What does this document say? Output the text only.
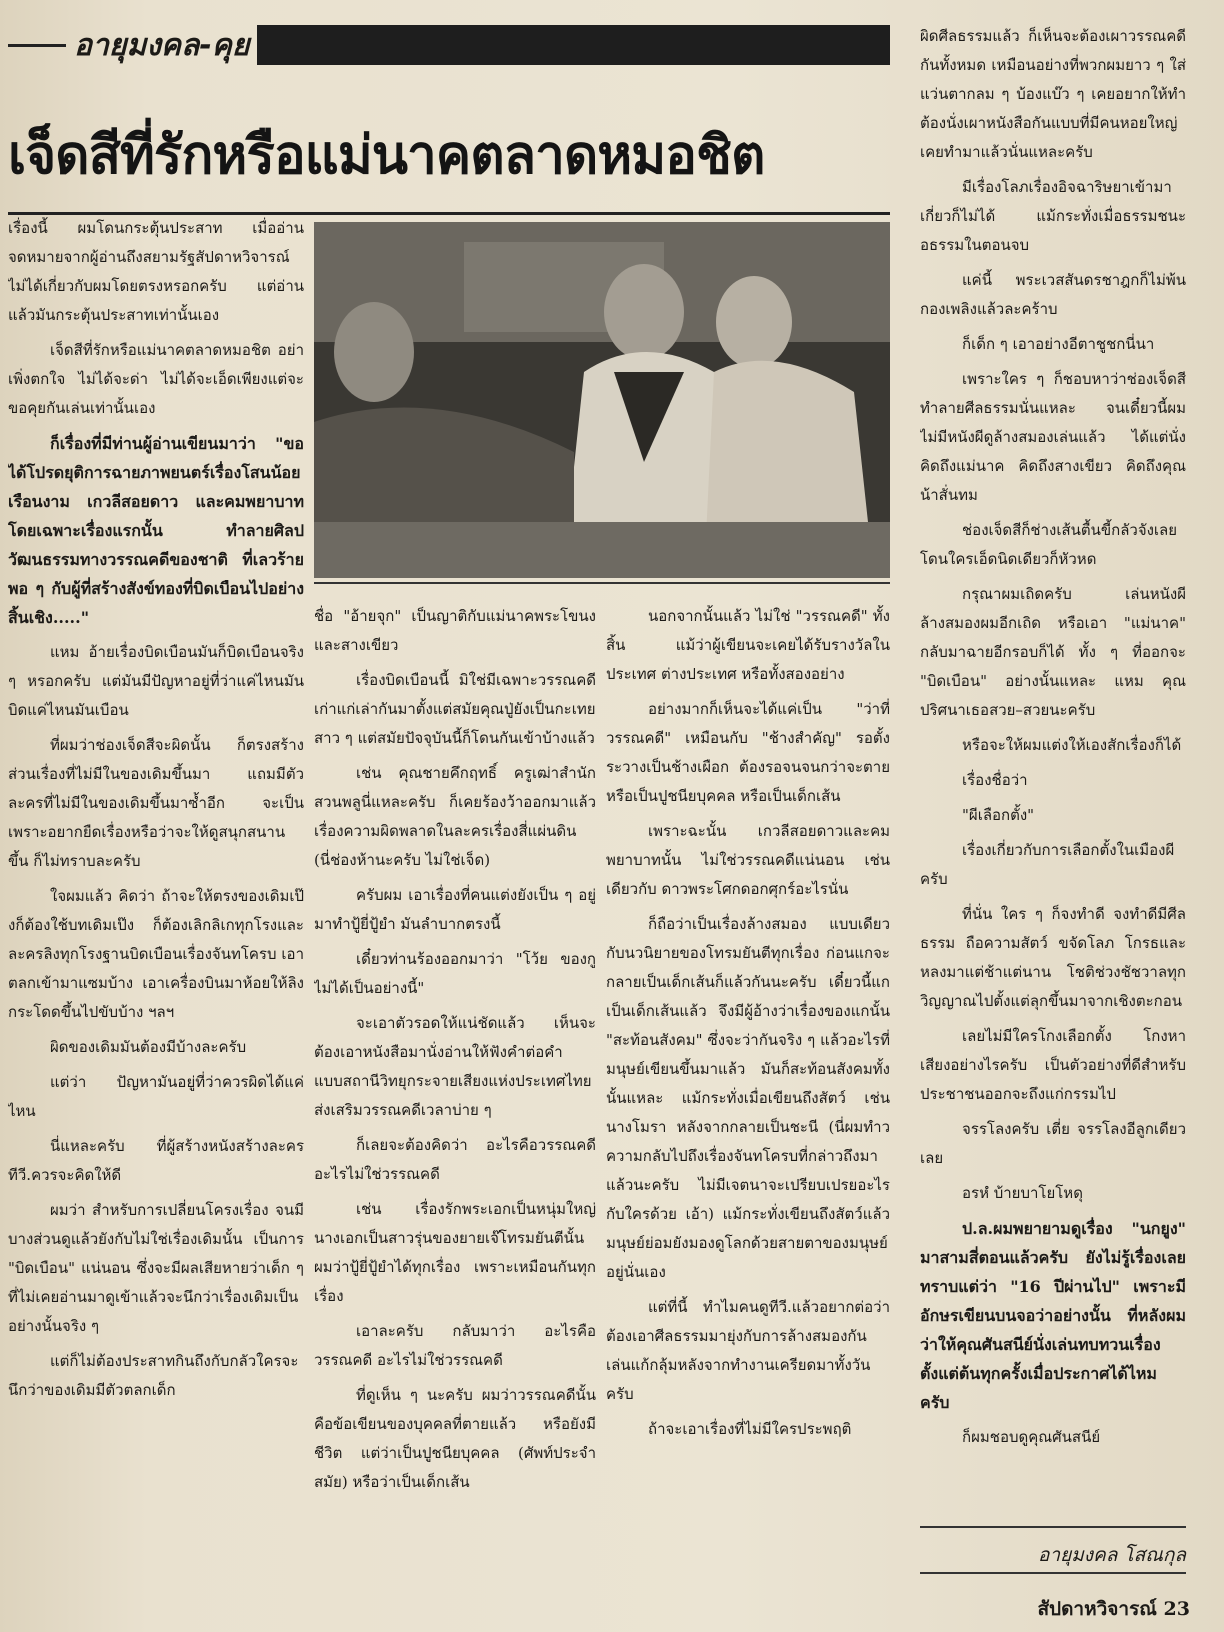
อายุมงคล-คุย
เจ็ดสีที่รักหรือแม่นาคตลาดหมอชิต

เรื่องนี้ ผมโดนกระตุ้นประสาท เมื่ออ่านจดหมายจากผู้อ่านถึงสยามรัฐสัปดาหวิจารณ์ ไม่ได้เกี่ยวกับผมโดยตรงหรอกครับ แต่อ่านแล้วมันกระตุ้นประสาทเท่านั้นเอง

เจ็ดสีที่รักหรือแม่นาคตลาดหมอชิต อย่าเพิ่งตกใจ ไม่ได้จะด่า ไม่ได้จะเอ็ดเพียงแต่จะขอคุยกันเล่นเท่านั้นเอง

ก็เรื่องที่มีท่านผู้อ่านเขียนมาว่า "ขอได้โปรดยุติการฉายภาพยนตร์เรื่องโสนน้อยเรือนงาม เกวลีสอยดาว และคมพยาบาท โดยเฉพาะเรื่องแรกนั้น ทำลายศิลปวัฒนธรรมทางวรรณคดีของชาติ ที่เลวร้ายพอ ๆ กับผู้ที่สร้างสังข์ทองที่บิดเบือนไปอย่างสิ้นเชิง....."

แหม อ้ายเรื่องบิดเบือนมันก็บิดเบือนจริง ๆ หรอกครับ แต่มันมีปัญหาอยู่ที่ว่าแค่ไหนมันบิดแค่ไหนมันเบือน

ที่ผมว่าช่องเจ็ดสีจะผิดนั้น ก็ตรงสร้างส่วนเรื่องที่ไม่มีในของเดิมขึ้นมา แถมมีตัวละครที่ไม่มีในของเดิมขึ้นมาซ้ำอีก จะเป็นเพราะอยากยืดเรื่องหรือว่าจะให้ดูสนุกสนานขึ้น ก็ไม่ทราบละครับ

ใจผมแล้ว คิดว่า ถ้าจะให้ตรงของเดิมเป๊งก็ต้องใช้บทเดิมเป๊ง ก็ต้องเลิกลิเกทุกโรงและละครลิงทุกโรงฐานบิดเบือนเรื่องจันทโครบ เอาตลกเข้ามาแซมบ้าง เอาเครื่องบินมาห้อยให้ลิงกระโดดขึ้นไปขับบ้าง ฯลฯ

ผิดของเดิมมันต้องมีบ้างละครับ

แต่ว่า ปัญหามันอยู่ที่ว่าควรผิดได้แค่ไหน

นี่แหละครับ ที่ผู้สร้างหนังสร้างละครทีวี.ควรจะคิดให้ดี

ผมว่า สำหรับการเปลี่ยนโครงเรื่อง จนมีบางส่วนดูแล้วยังกับไม่ใช่เรื่องเดิมนั้น เป็นการ "บิดเบือน" แน่นอน ซึ่งจะมีผลเสียหายว่าเด็ก ๆ ที่ไม่เคยอ่านมาดูเข้าแล้วจะนึกว่าเรื่องเดิมเป็นอย่างนั้นจริง ๆ

แต่ก็ไม่ต้องประสาทกินถึงกับกลัวใครจะนึกว่าของเดิมมีตัวตลกเด็ก

ชื่อ "อ้ายจุก" เป็นญาติกับแม่นาคพระโขนงและสางเขียว

เรื่องบิดเบือนนี้ มิใช่มีเฉพาะวรรณคดีเก่าแก่เล่ากันมาตั้งแต่สมัยคุณปู่ยังเป็นกะเทยสาว ๆ แต่สมัยปัจจุบันนี้ก็โดนกันเข้าบ้างแล้ว

เช่น คุณชายคึกฤทธิ์ ครูเฒ่าสำนักสวนพลูนี่แหละครับ ก็เคยร้องว้าออกมาแล้ว เรื่องความผิดพลาดในละครเรื่องสี่แผ่นดิน (นี่ช่องห้านะครับ ไม่ใช่เจ็ด)

ครับผม เอาเรื่องที่คนแต่งยังเป็น ๆ อยู่ มาทำปู้ยี่ปู้ยำ มันลำบากตรงนี้

เดี๋ยวท่านร้องออกมาว่า "โว้ย ของกูไม่ได้เป็นอย่างนี้"

จะเอาตัวรอดให้แน่ชัดแล้ว เห็นจะต้องเอาหนังสือมานั่งอ่านให้ฟังคำต่อคำ แบบสถานีวิทยุกระจายเสียงแห่งประเทศไทยส่งเสริมวรรณคดีเวลาบ่าย ๆ

ก็เลยจะต้องคิดว่า อะไรคือวรรณคดี อะไรไม่ใช่วรรณคดี

เช่น เรื่องรักพระเอกเป็นหนุ่มใหญ่ นางเอกเป็นสาวรุ่นของยายเจ๊โทรมยันตีนั้น ผมว่าปู้ยี่ปู้ยำได้ทุกเรื่อง เพราะเหมือนกันทุกเรื่อง

เอาละครับ กลับมาว่า อะไรคือวรรณคดี อะไรไม่ใช่วรรณคดี

ที่ดูเห็น ๆ นะครับ ผมว่าวรรณคดีนั้น คือข้อเขียนของบุคคลที่ตายแล้ว หรือยังมีชีวิต แต่ว่าเป็นปูชนียบุคคล (ศัพท์ประจำสมัย) หรือว่าเป็นเด็กเส้น

นอกจากนั้นแล้ว ไม่ใช่ "วรรณคดี" ทั้งสิ้น แม้ว่าผู้เขียนจะเคยได้รับรางวัลในประเทศ ต่างประเทศ หรือทั้งสองอย่าง

อย่างมากก็เห็นจะได้แค่เป็น "ว่าที่วรรณคดี" เหมือนกับ "ช้างสำคัญ" รอตั้งระวางเป็นช้างเผือก ต้องรอจนจนกว่าจะตาย หรือเป็นปูชนียบุคคล หรือเป็นเด็กเส้น

เพราะฉะนั้น เกวลีสอยดาวและคมพยาบาทนั้น ไม่ใช่วรรณคดีแน่นอน เช่นเดียวกับ ดาวพระโศกดอกศุกร์อะไรนั่น

ก็ถือว่าเป็นเรื่องล้างสมอง แบบเดียวกับนวนิยายของโทรมยันตีทุกเรื่อง ก่อนแกจะกลายเป็นเด็กเส้นก็แล้วกันนะครับ เดี๋ยวนี้แกเป็นเด็กเส้นแล้ว จึงมีผู้อ้างว่าเรื่องของแกนั้น "สะท้อนสังคม" ซึ่งจะว่ากันจริง ๆ แล้วอะไรที่มนุษย์เขียนขึ้นมาแล้ว มันก็สะท้อนสังคมทั้งนั้นแหละ แม้กระทั่งเมื่อเขียนถึงสัตว์ เช่น นางโมรา หลังจากกลายเป็นชะนี (นี่ผมทำวความกลับไปถึงเรื่องจันทโครบที่กล่าวถึงมาแล้วนะครับ ไม่มีเจตนาจะเปรียบเปรยอะไรกับใครด้วย เอ้า) แม้กระทั่งเขียนถึงสัตว์แล้วมนุษย์ย่อมยังมองดูโลกด้วยสายตาของมนุษย์อยู่นั่นเอง

แต่ที่นี้ ทำไมคนดูทีวี.แล้วอยากต่อว่า ต้องเอาศีลธรรมมายุ่งกับการล้างสมองกันเล่นแก้กลุ้มหลังจากทำงานเครียดมาทั้งวันครับ

ถ้าจะเอาเรื่องที่ไม่มีใครประพฤติ

ผิดศีลธรรมแล้ว ก็เห็นจะต้องเผาวรรณคดีกันทั้งหมด เหมือนอย่างที่พวกผมยาว ๆ ใส่แว่นตากลม ๆ บ้องแบ๊ว ๆ เคยอยากให้ทำ ต้องนั่งเผาหนังสือกันแบบที่มีคนหอยใหญ่เคยทำมาแล้วนั่นแหละครับ

มีเรื่องโลภเรื่องอิจฉาริษยาเข้ามาเกี่ยวก็ไม่ได้ แม้กระทั่งเมื่อธรรมชนะอธรรมในตอนจบ

แค่นี้ พระเวสสันดรชาฎกก็ไม่พ้นกองเพลิงแล้วละคร้าบ

ก็เด็ก ๆ เอาอย่างอีตาชูชกนี่นา

เพราะใคร ๆ ก็ชอบหาว่าช่องเจ็ดสีทำลายศีลธรรมนั่นแหละ จนเดี๋ยวนี้ผมไม่มีหนังผีดูล้างสมองเล่นแล้ว ได้แต่นั่งคิดถึงแม่นาค คิดถึงสางเขียว คิดถึงคุณน้าสั่นทม

ช่องเจ็ดสีก็ช่างเส้นตื้นขี้กลัวจังเลย โดนใครเอ็ดนิดเดียวก็หัวหด

กรุณาผมเถิดครับ เล่นหนังผีล้างสมองผมอีกเถิด หรือเอา "แม่นาค" กลับมาฉายอีกรอบก็ได้ ทั้ง ๆ ที่ออกจะ "บิดเบือน" อย่างนั้นแหละ แหม คุณปริศนาเธอสวย–สวยนะครับ

หรือจะให้ผมแต่งให้เองสักเรื่องก็ได้

เรื่องชื่อว่า

"ผีเลือกตั้ง"

เรื่องเกี่ยวกับการเลือกตั้งในเมืองผีครับ

ที่นั่น ใคร ๆ ก็จงทำดี จงทำดีมีศีลธรรม ถือความสัตว์ ขจัดโลภ โกรธและหลงมาแต่ช้าแต่นาน โชติช่วงชัชวาลทุกวิญญาณไปตั้งแต่ลุกขึ้นมาจากเชิงตะกอน

เลยไม่มีใครโกงเลือกตั้ง โกงหาเสียงอย่างไรครับ เป็นตัวอย่างที่ดีสำหรับประชาชนออกจะถึงแก่กรรมไป

จรรโลงครับ เตี่ย จรรโลงอีลูกเดียวเลย

อรหํ บ้ายบาโยโหดุ

ป.ล.ผมพยายามดูเรื่อง "นกยูง" มาสามสี่ตอนแล้วครับ ยังไม่รู้เรื่องเลย ทราบแต่ว่า "16 ปีผ่านไป" เพราะมีอักษรเขียนบนจอว่าอย่างนั้น ที่หลังผมว่าให้คุณศันสนีย์นั่งเล่นทบทวนเรื่องตั้งแต่ต้นทุกครั้งเมื่อประกาศได้ไหมครับ

ก็ผมชอบดูคุณศันสนีย์

อายุมงคล โสณกุล
สัปดาหวิจารณ์ 23
